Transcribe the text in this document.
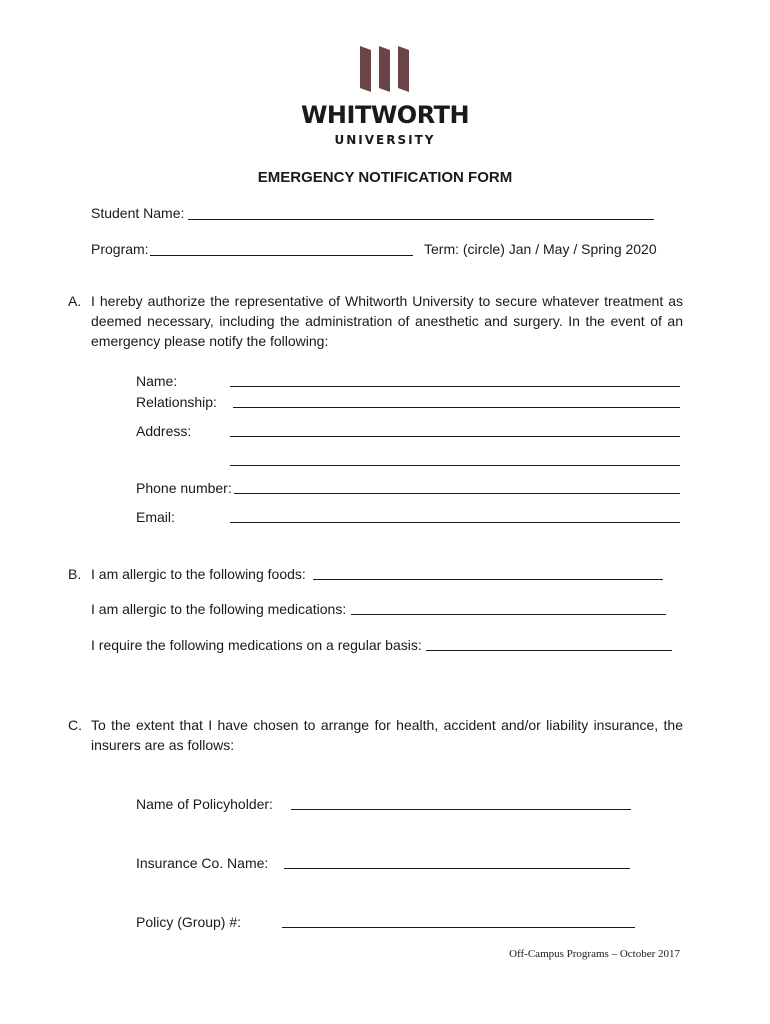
WHITWORTH
UNIVERSITY
EMERGENCY NOTIFICATION FORM
Student Name:
Program:	Term: (circle) Jan / May / Spring 2020
A. I hereby authorize the representative of Whitworth University to secure whatever treatment as deemed necessary, including the administration of anesthetic and surgery. In the event of an emergency please notify the following:
Name:
Relationship:
Address:
Phone number:
Email:
B. I am allergic to the following foods:
I am allergic to the following medications:
I require the following medications on a regular basis:
C. To the extent that I have chosen to arrange for health, accident and/or liability insurance, the insurers are as follows:
Name of Policyholder:
Insurance Co. Name:
Policy (Group) #:
Off-Campus Programs – October 2017
